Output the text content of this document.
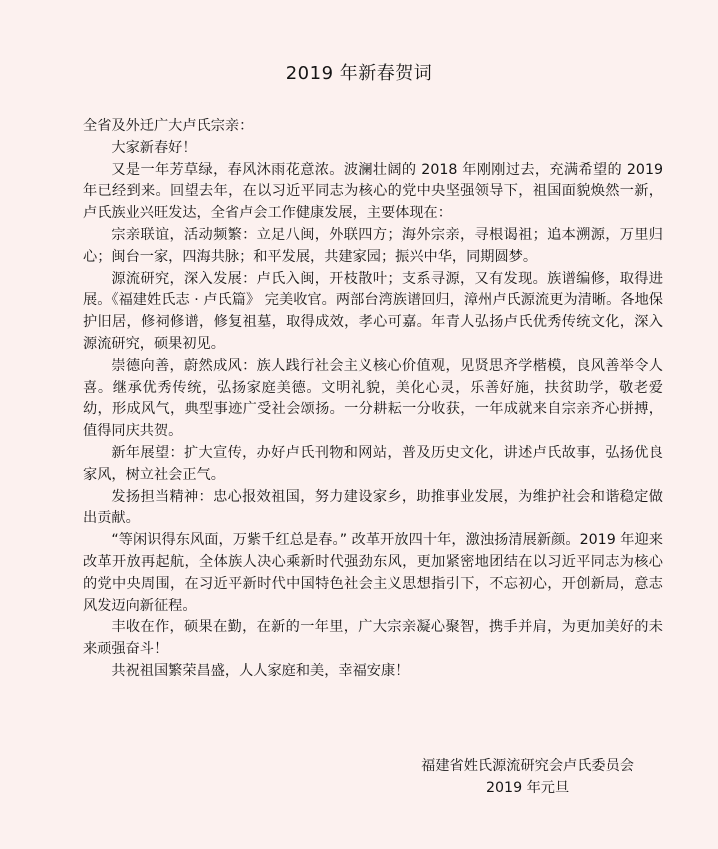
2019 年新春贺词

全省及外迁广大卢氏宗亲：

大家新春好！

又是一年芳草绿，春风沐雨花意浓。波澜壮阔的 2018 年刚刚过去，充满希望的 2019 年已经到来。回望去年，在以习近平同志为核心的党中央坚强领导下，祖国面貌焕然一新，卢氏族业兴旺发达，全省卢会工作健康发展，主要体现在：

宗亲联谊，活动频繁：立足八闽，外联四方；海外宗亲，寻根谒祖；追本溯源，万里归心；闽台一家，四海共脉；和平发展，共建家园；振兴中华，同期圆梦。

源流研究，深入发展：卢氏入闽，开枝散叶；支系寻源，又有发现。族谱编修，取得进展。《福建姓氏志 · 卢氏篇》 完美收官。两部台湾族谱回归，漳州卢氏源流更为清晰。各地保护旧居，修祠修谱，修复祖墓，取得成效，孝心可嘉。年青人弘扬卢氏优秀传统文化，深入源流研究，硕果初见。

崇德向善，蔚然成风：族人践行社会主义核心价值观，见贤思齐学楷模，良风善举令人喜。继承优秀传统，弘扬家庭美德。文明礼貌，美化心灵，乐善好施，扶贫助学，敬老爱幼，形成风气，典型事迹广受社会颂扬。一分耕耘一分收获，一年成就来自宗亲齐心拼搏，值得同庆共贺。

新年展望：扩大宣传，办好卢氏刊物和网站，普及历史文化，讲述卢氏故事，弘扬优良家风，树立社会正气。

发扬担当精神：忠心报效祖国，努力建设家乡，助推事业发展，为维护社会和谐稳定做出贡献。

“等闲识得东风面，万紫千红总是春。” 改革开放四十年，激浊扬清展新颜。2019 年迎来改革开放再起航，全体族人决心乘新时代强劲东风，更加紧密地团结在以习近平同志为核心的党中央周围，在习近平新时代中国特色社会主义思想指引下，不忘初心，开创新局，意志风发迈向新征程。

丰收在作，硕果在勤，在新的一年里，广大宗亲凝心聚智，携手并肩，为更加美好的未来顽强奋斗！

共祝祖国繁荣昌盛，人人家庭和美，幸福安康！

福建省姓氏源流研究会卢氏委员会
2019 年元旦
